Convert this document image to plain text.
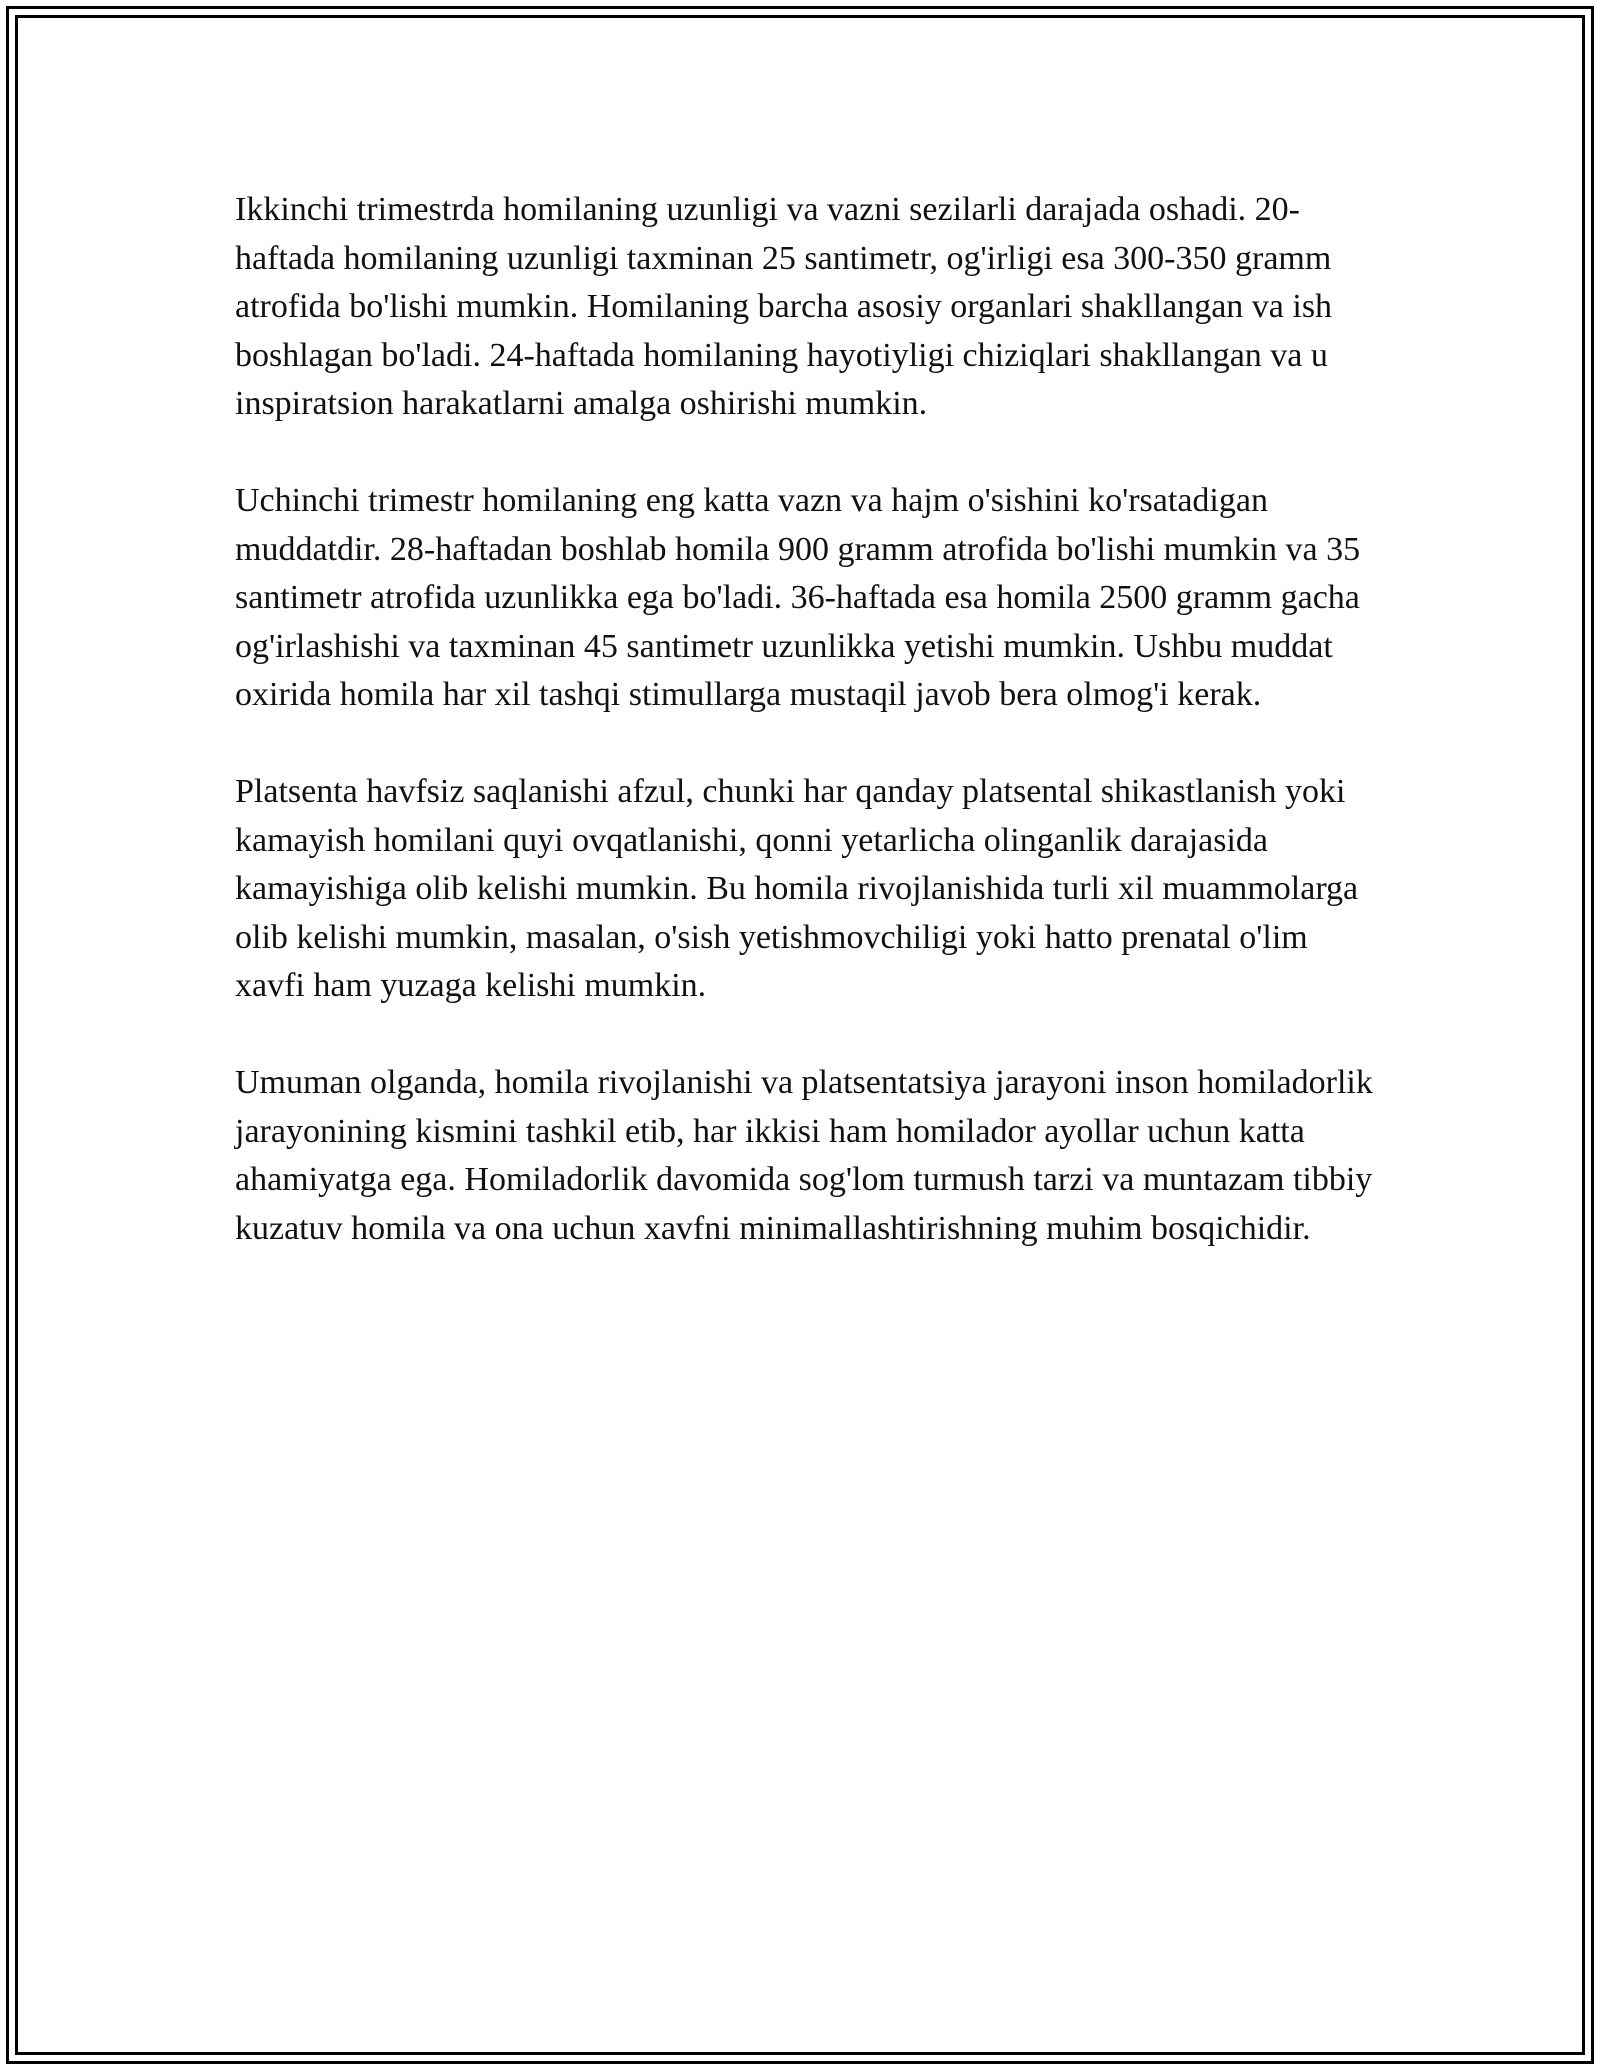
Ikkinchi trimestrda homilaning uzunligi va vazni sezilarli darajada oshadi. 20-haftada homilaning uzunligi taxminan 25 santimetr, og'irligi esa 300-350 gramm atrofida bo'lishi mumkin. Homilaning barcha asosiy organlari shakllangan va ish boshlagan bo'ladi. 24-haftada homilaning hayotiyligi chiziqlari shakllangan va u inspiratsion harakatlarni amalga oshirishi mumkin.

Uchinchi trimestr homilaning eng katta vazn va hajm o'sishini ko'rsatadigan muddatdir. 28-haftadan boshlab homila 900 gramm atrofida bo'lishi mumkin va 35 santimetr atrofida uzunlikka ega bo'ladi. 36-haftada esa homila 2500 gramm gacha og'irlashishi va taxminan 45 santimetr uzunlikka yetishi mumkin. Ushbu muddat oxirida homila har xil tashqi stimullarga mustaqil javob bera olmog'i kerak.

Platsenta havfsiz saqlanishi afzul, chunki har qanday platsental shikastlanish yoki kamayish homilani quyi ovqatlanishi, qonni yetarlicha olinganlik darajasida kamayishiga olib kelishi mumkin. Bu homila rivojlanishida turli xil muammolarga olib kelishi mumkin, masalan, o'sish yetishmovchiligi yoki hatto prenatal o'lim xavfi ham yuzaga kelishi mumkin.

Umuman olganda, homila rivojlanishi va platsentatsiya jarayoni inson homiladorlik jarayonining kismini tashkil etib, har ikkisi ham homilador ayollar uchun katta ahamiyatga ega. Homiladorlik davomida sog'lom turmush tarzi va muntazam tibbiy kuzatuv homila va ona uchun xavfni minimallashtirishning muhim bosqichidir.
